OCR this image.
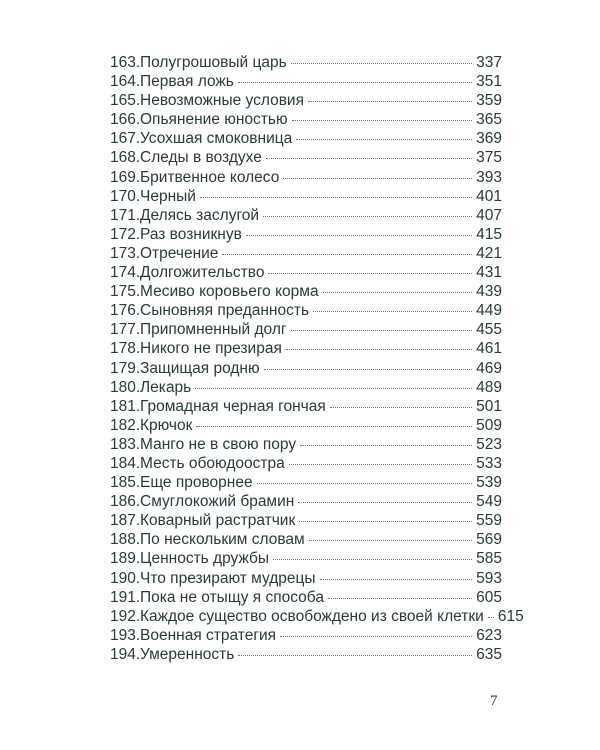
163. Полугрошовый царь	337
164. Первая ложь	351
165. Невозможные условия	359
166. Опьянение юностью	365
167. Усохшая смоковница	369
168. Следы в воздухе	375
169. Бритвенное колесо	393
170. Черный	401
171. Делясь заслугой	407
172. Раз возникнув	415
173. Отречение	421
174. Долгожительство	431
175. Месиво коровьего корма	439
176. Сыновняя преданность	449
177. Припомненный долг	455
178. Никого не презирая	461
179. Защищая родню	469
180. Лекарь	489
181. Громадная черная гончая	501
182. Крючок	509
183. Манго не в свою пору	523
184. Месть обоюдоостра	533
185. Еще проворнее	539
186. Смуглокожий брамин	549
187. Коварный растратчик	559
188. По нескольким словам	569
189. Ценность дружбы	585
190. Что презирают мудрецы	593
191. Пока не отыщу я способа	605
192. Каждое существо освобождено из своей клетки 615
193. Военная стратегия	623
194. Умеренность	635
7
